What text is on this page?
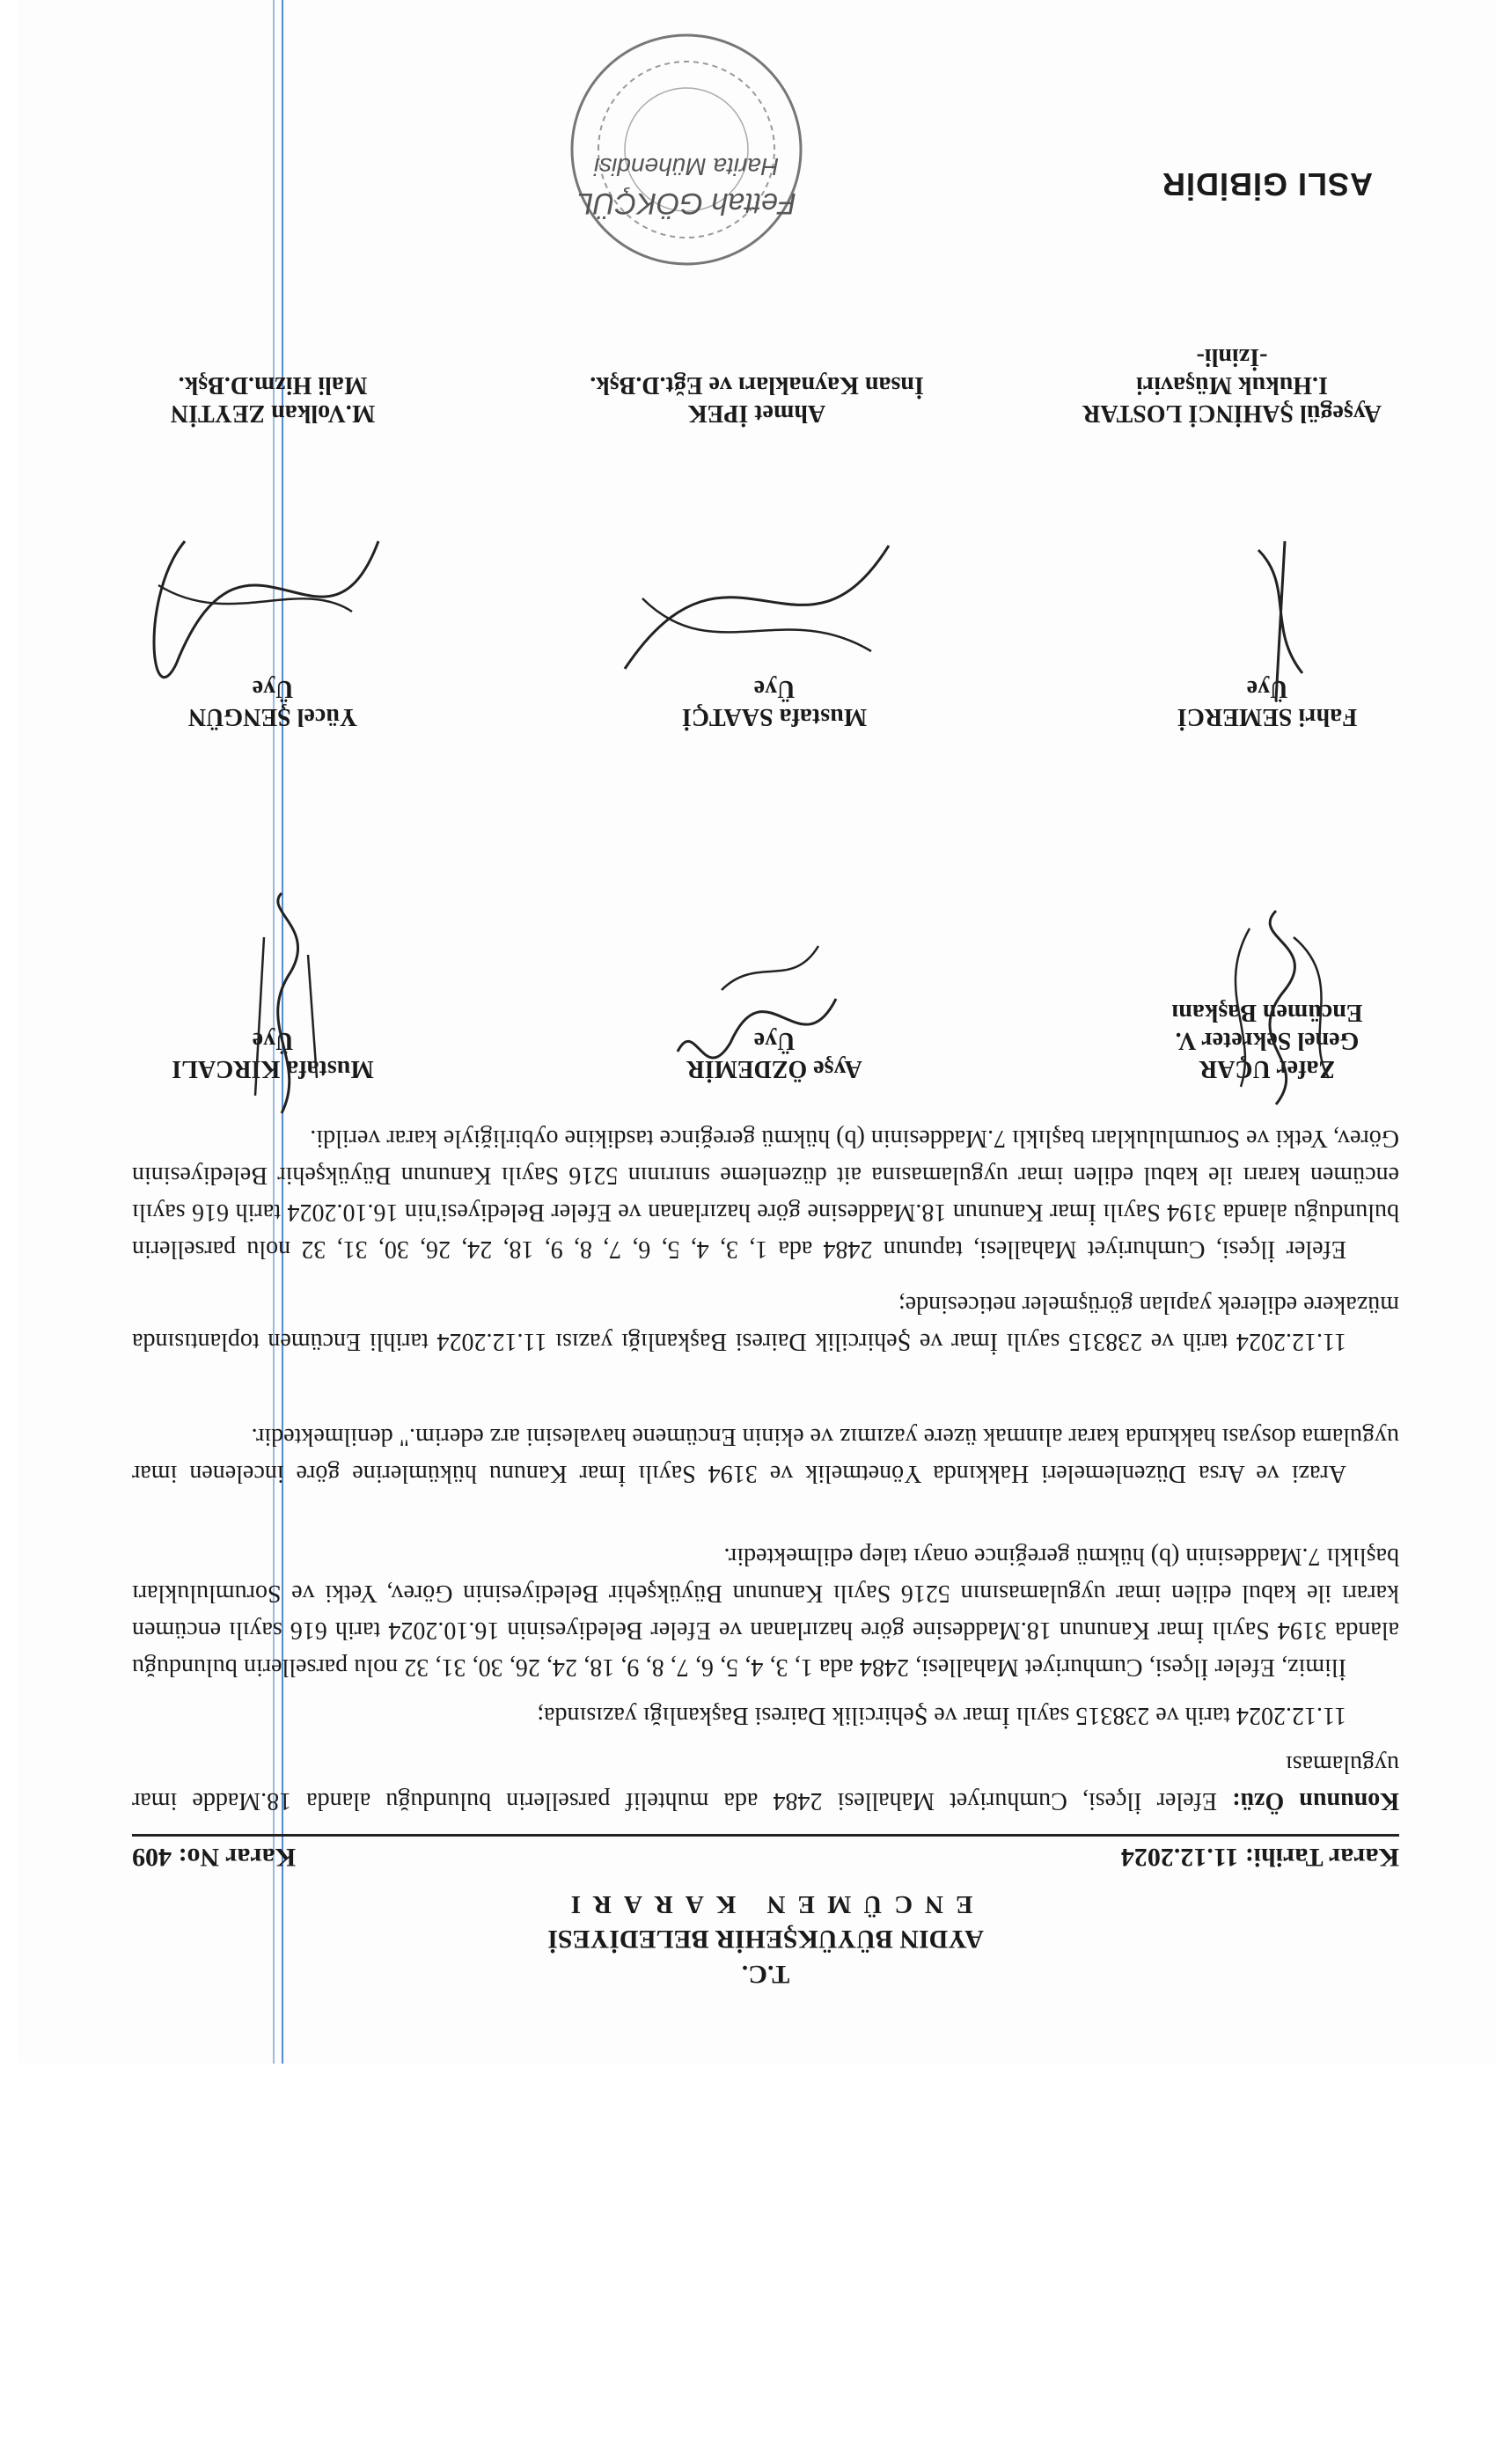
T.C.
AYDIN BÜYÜKŞEHİR BELEDİYESİ
ENCÜMEN KARARI
Karar Tarihi: 11.12.2024
Karar No: 409
Konunun Özü: Efeler İlçesi, Cumhuriyet Mahallesi 2484 ada muhtelif parsellerin bulunduğu alanda 18.Madde imar uygulaması
11.12.2024 tarih ve 238315 sayılı İmar ve Şehircilik Dairesi Başkanlığı yazısında;
İlimiz, Efeler İlçesi, Cumhuriyet Mahallesi, 2484 ada 1, 3, 4, 5, 6, 7, 8, 9, 18, 24, 26, 30, 31, 32 nolu parsellerin bulunduğu alanda 3194 Sayılı İmar Kanunun 18.Maddesine göre hazırlanan ve Efeler Belediyesinin 16.10.2024 tarih 616 sayılı encümen kararı ile kabul edilen imar uygulamasının 5216 Sayılı Kanunun Büyükşehir Belediyesinin Görev, Yetki ve Sorumlulukları başlıklı 7.Maddesinin (b) hükmü gereğince onayı talep edilmektedir.
Arazi ve Arsa Düzenlemeleri Hakkında Yönetmelik ve 3194 Sayılı İmar Kanunu hükümlerine göre incelenen imar uygulama dosyası hakkında karar alınmak üzere yazımız ve ekinin Encümene havalesini arz ederim." denilmektedir.
11.12.2024 tarih ve 238315 sayılı İmar ve Şehircilik Dairesi Başkanlığı yazısı 11.12.2024 tarihli Encümen toplantısında müzakere edilerek yapılan görüşmeler neticesinde;
Efeler İlçesi, Cumhuriyet Mahallesi, tapunun 2484 ada 1, 3, 4, 5, 6, 7, 8, 9, 18, 24, 26, 30, 31, 32 nolu parsellerin bulunduğu alanda 3194 Sayılı İmar Kanunun 18.Maddesine göre hazırlanan ve Efeler Belediyesi'nin 16.10.2024 tarih 616 sayılı encümen kararı ile kabul edilen imar uygulamasına ait düzenleme sınırının 5216 Sayılı Kanunun Büyükşehir Belediyesinin Görev, Yetki ve Sorumlulukları başlıklı 7.Maddesinin (b) hükmü gereğince tasdikine oybirliğiyle karar verildi.
Zafer UÇAR
Genel Sekreter V.
Encümen Başkanı
Ayşe ÖZDEMİR
Üye
Mustafa KIRCALI
Üye
Fahri SEMERCİ
Üye
Mustafa SAATÇİ
Üye
Yücel ŞENGÜN
Üye
Ayşegül ŞAHİNCİ LOSTAR
I.Hukuk Müşaviri
-İzinli-
Ahmet İPEK
İnsan Kaynakları ve Eğt.D.Bşk.
M.Volkan ZEYTİN
Mali Hizm.D.Bşk.
ASLI GİBİDİR
Fettah GÖKÇÜL
Harita Mühendisi
